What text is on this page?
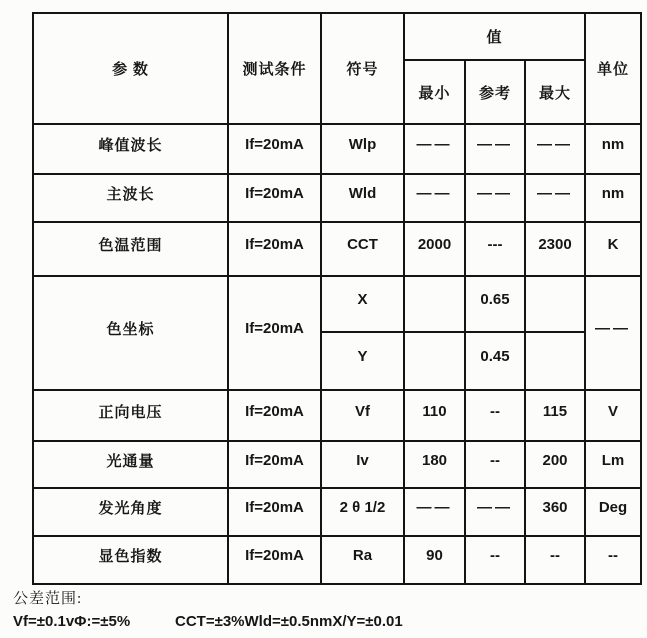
参 数	测试条件	符号	值			单位
			最小	参考	最大	
峰值波长	If=20mA	Wlp	——	——	——	nm
主波长	If=20mA	Wld	——	——	——	nm
色温范围	If=20mA	CCT	2000	---	2300	K
色坐标	If=20mA	X		0.65		——
		Y		0.45		
正向电压	If=20mA	Vf	110	--	115	V
光通量	If=20mA	Iv	180	--	200	Lm
发光角度	If=20mA	2 θ 1/2	——	——	360	Deg
显色指数	If=20mA	Ra	90	--	--	--
公差范围:
Vf=±0.1vΦ:=±5%	CCT=±3%Wld=±0.5nmX/Y=±0.01
